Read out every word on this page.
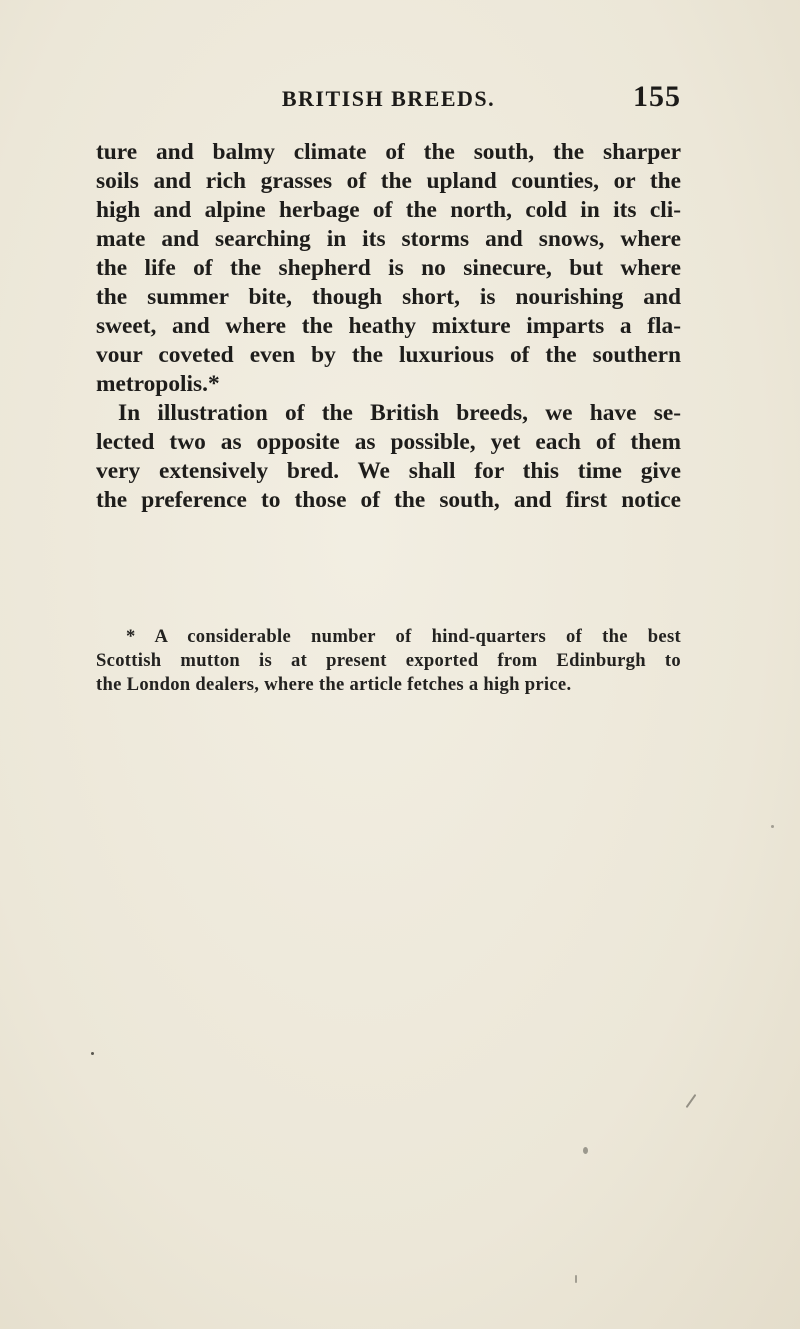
BRITISH BREEDS.	155
ture and balmy climate of the south, the sharper
soils and rich grasses of the upland counties, or the
high and alpine herbage of the north, cold in its cli-
mate and searching in its storms and snows, where
the life of the shepherd is no sinecure, but where
the summer bite, though short, is nourishing and
sweet, and where the heathy mixture imparts a fla-
vour coveted even by the luxurious of the southern
metropolis.*
In illustration of the British breeds, we have se-
lected two as opposite as possible, yet each of them
very extensively bred. We shall for this time give
the preference to those of the south, and first notice
* A considerable number of hind-quarters of the best
Scottish mutton is at present exported from Edinburgh to
the London dealers, where the article fetches a high price.
